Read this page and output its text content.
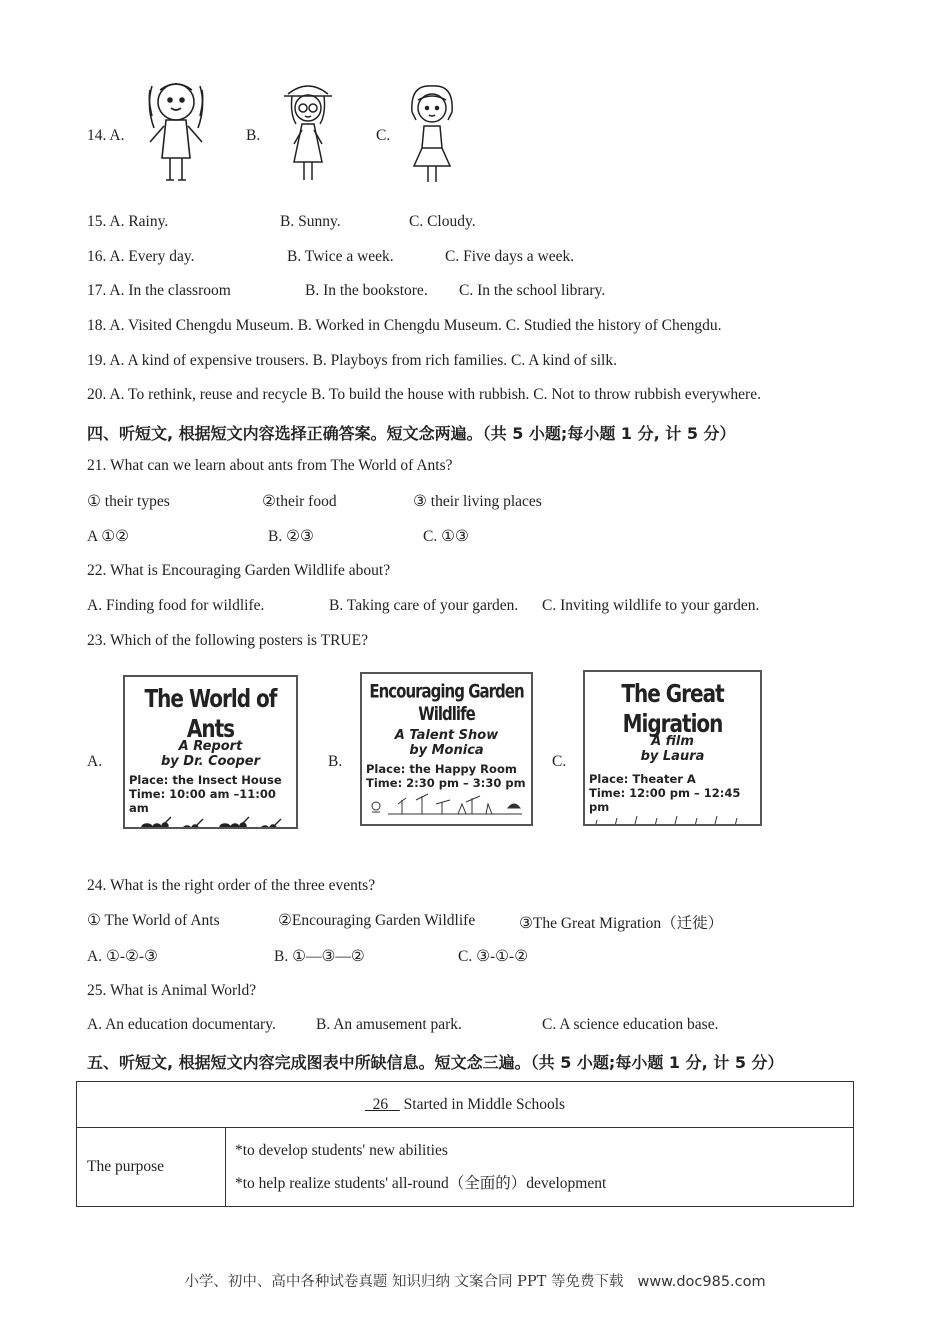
14. A.	B.	C.
15. A. Rainy.	B. Sunny.	C. Cloudy.
16. A. Every day.	B. Twice a week.	C. Five days a week.
17. A. In the classroom	B. In the bookstore. C. In the school library.
18. A. Visited Chengdu Museum. B. Worked in Chengdu Museum. C. Studied the history of Chengdu.
19. A. A kind of expensive trousers. B. Playboys from rich families. C. A kind of silk.
20. A. To rethink, reuse and recycle B. To build the house with rubbish. C. Not to throw rubbish everywhere.
四、听短文, 根据短文内容选择正确答案。短文念两遍。（共 5 小题;每小题 1 分, 计 5 分）
21. What can we learn about ants from The World of Ants?
① their types	②their food	③ their living places
A ①②	B. ②③	C. ①③
22. What is Encouraging Garden Wildlife about?
A. Finding food for wildlife.	B. Taking care of your garden. C. Inviting wildlife to your garden.
23. Which of the following posters is TRUE?
A.
The World of Ants
A Report
by Dr. Cooper
Place: the Insect House
Time: 10:00 am –11:00 am
B.
Encouraging Garden Wildlife
A Talent Show
by Monica
Place: the Happy Room
Time: 2:30 pm – 3:30 pm
C.
The Great Migration
A film
by Laura
Place: Theater A
Time: 12:00 pm – 12:45 pm
24. What is the right order of the three events?
① The World of Ants	②Encouraging Garden Wildlife	③The Great Migration（迁徙）
A. ①-②-③	B. ①—③—②	C. ③-①-②
25. What is Animal World?
A. An education documentary.	B. An amusement park.	C. A science education base.
五、听短文, 根据短文内容完成图表中所缺信息。短文念三遍。（共 5 小题;每小题 1 分, 计 5 分）
26 Started in Middle Schools
The purpose	
*to develop students' new abilities
*to help realize students' all-round（全面的）development
小学、初中、高中各种试卷真题 知识归纳 文案合同 PPT 等免费下载 www.doc985.com
